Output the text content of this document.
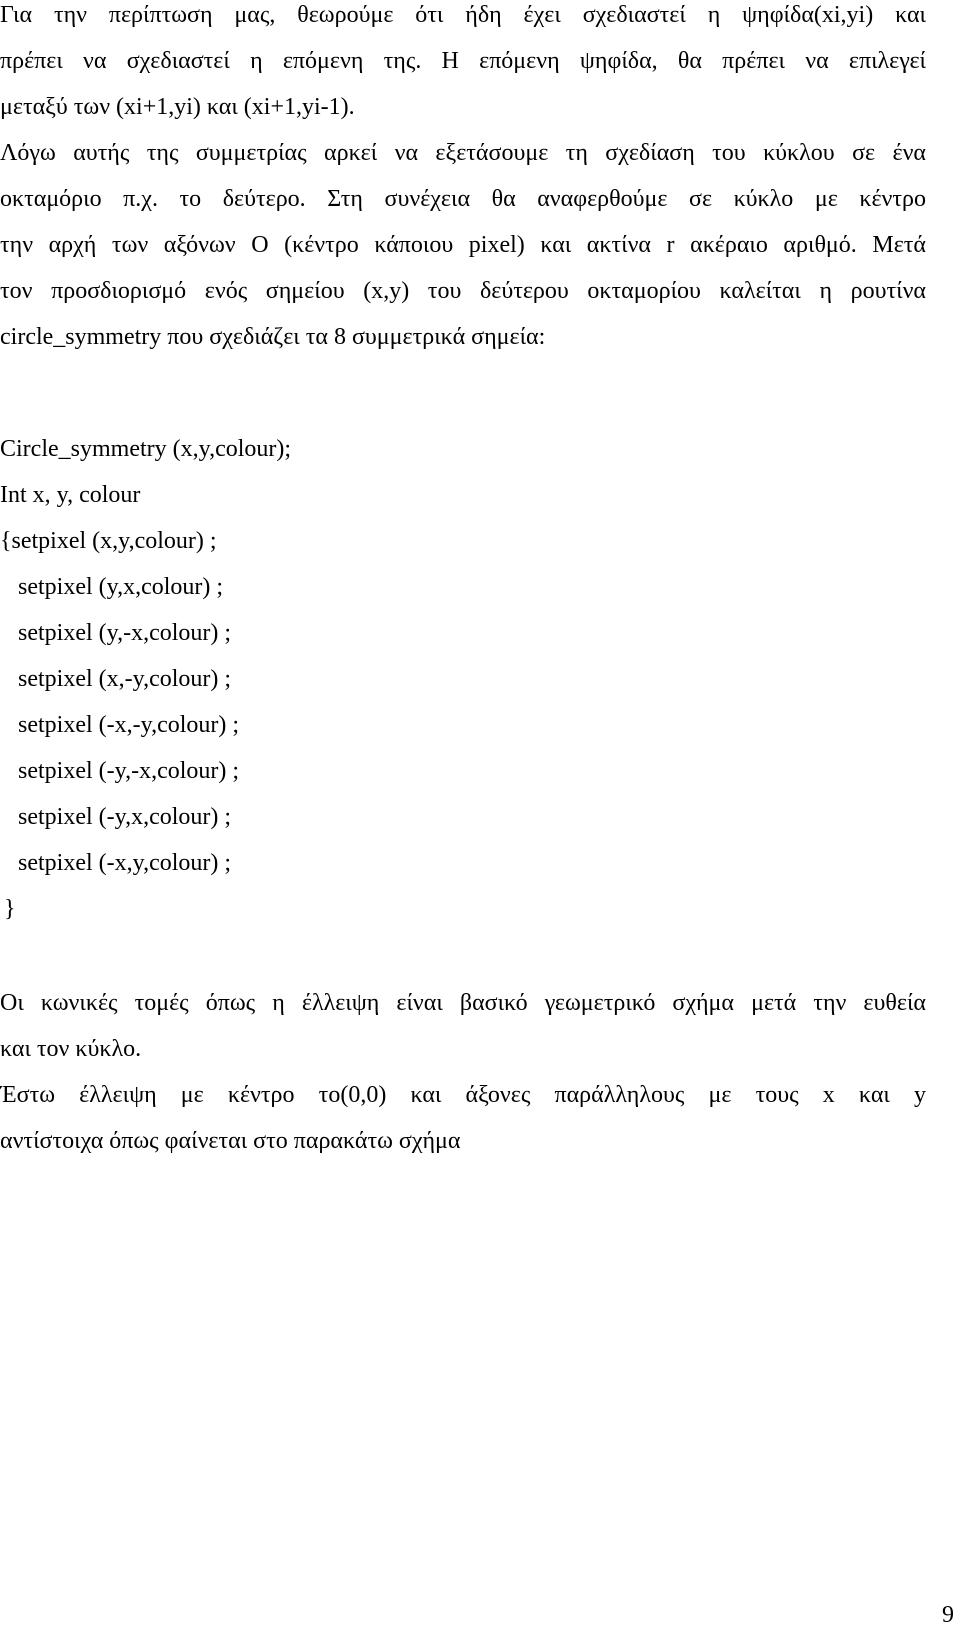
Για την περίπτωση μας, θεωρούμε ότι ήδη έχει σχεδιαστεί η ψηφίδα(xi,yi) και
πρέπει να σχεδιαστεί η επόμενη της. Η επόμενη ψηφίδα, θα πρέπει να επιλεγεί
μεταξύ των (xi+1,yi) και (xi+1,yi-1).
Λόγω αυτής της συμμετρίας αρκεί να εξετάσουμε τη σχεδίαση του κύκλου σε ένα
οκταμόριο π.χ. το δεύτερο. Στη συνέχεια θα αναφερθούμε σε κύκλο με κέντρο
την αρχή των αξόνων O (κέντρο κάποιου pixel) και ακτίνα r ακέραιο αριθμό. Μετά
τον προσδιορισμό ενός σημείου (x,y) του δεύτερου οκταμορίου καλείται η ρουτίνα
circle_symmetry που σχεδιάζει τα 8 συμμετρικά σημεία:
Circle_symmetry (x,y,colour);
Int x, y, colour
{setpixel (x,y,colour) ;
setpixel (y,x,colour) ;
setpixel (y,-x,colour) ;
setpixel (x,-y,colour) ;
setpixel (-x,-y,colour) ;
setpixel (-y,-x,colour) ;
setpixel (-y,x,colour) ;
setpixel (-x,y,colour) ;
}
Οι κωνικές τομές όπως η έλλειψη είναι βασικό γεωμετρικό σχήμα μετά την ευθεία
και τον κύκλο.
Έστω έλλειψη με κέντρο το(0,0) και άξονες παράλληλους με τους x και y
αντίστοιχα όπως φαίνεται στο παρακάτω σχήμα
9
